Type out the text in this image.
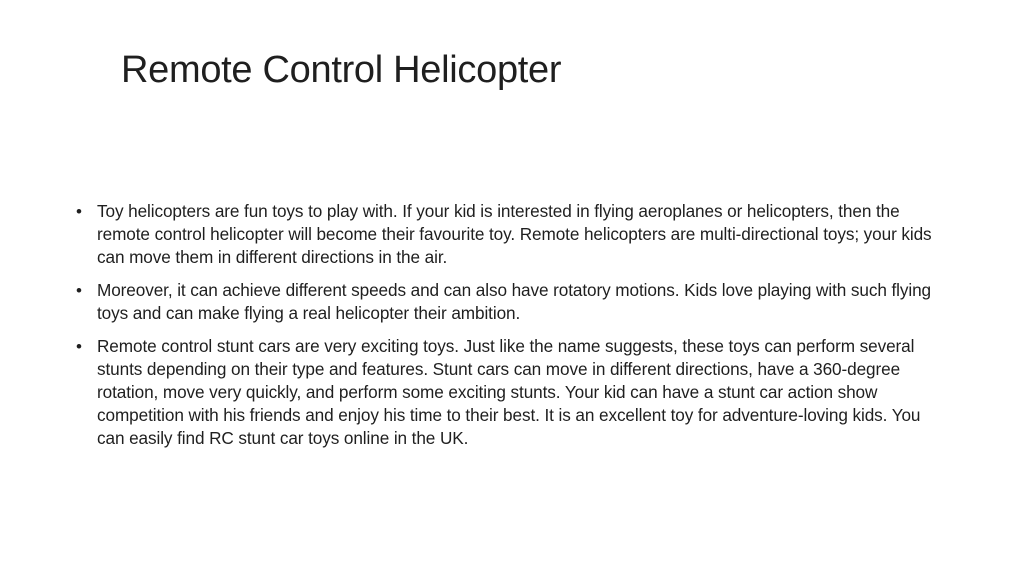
Remote Control Helicopter
• Toy helicopters are fun toys to play with. If your kid is interested in flying aeroplanes or helicopters, then the remote control helicopter will become their favourite toy. Remote helicopters are multi-directional toys; your kids can move them in different directions in the air.
• Moreover, it can achieve different speeds and can also have rotatory motions. Kids love playing with such flying toys and can make flying a real helicopter their ambition.
• Remote control stunt cars are very exciting toys. Just like the name suggests, these toys can perform several stunts depending on their type and features. Stunt cars can move in different directions, have a 360-degree rotation, move very quickly, and perform some exciting stunts. Your kid can have a stunt car action show competition with his friends and enjoy his time to their best. It is an excellent toy for adventure-loving kids. You can easily find RC stunt car toys online in the UK.
